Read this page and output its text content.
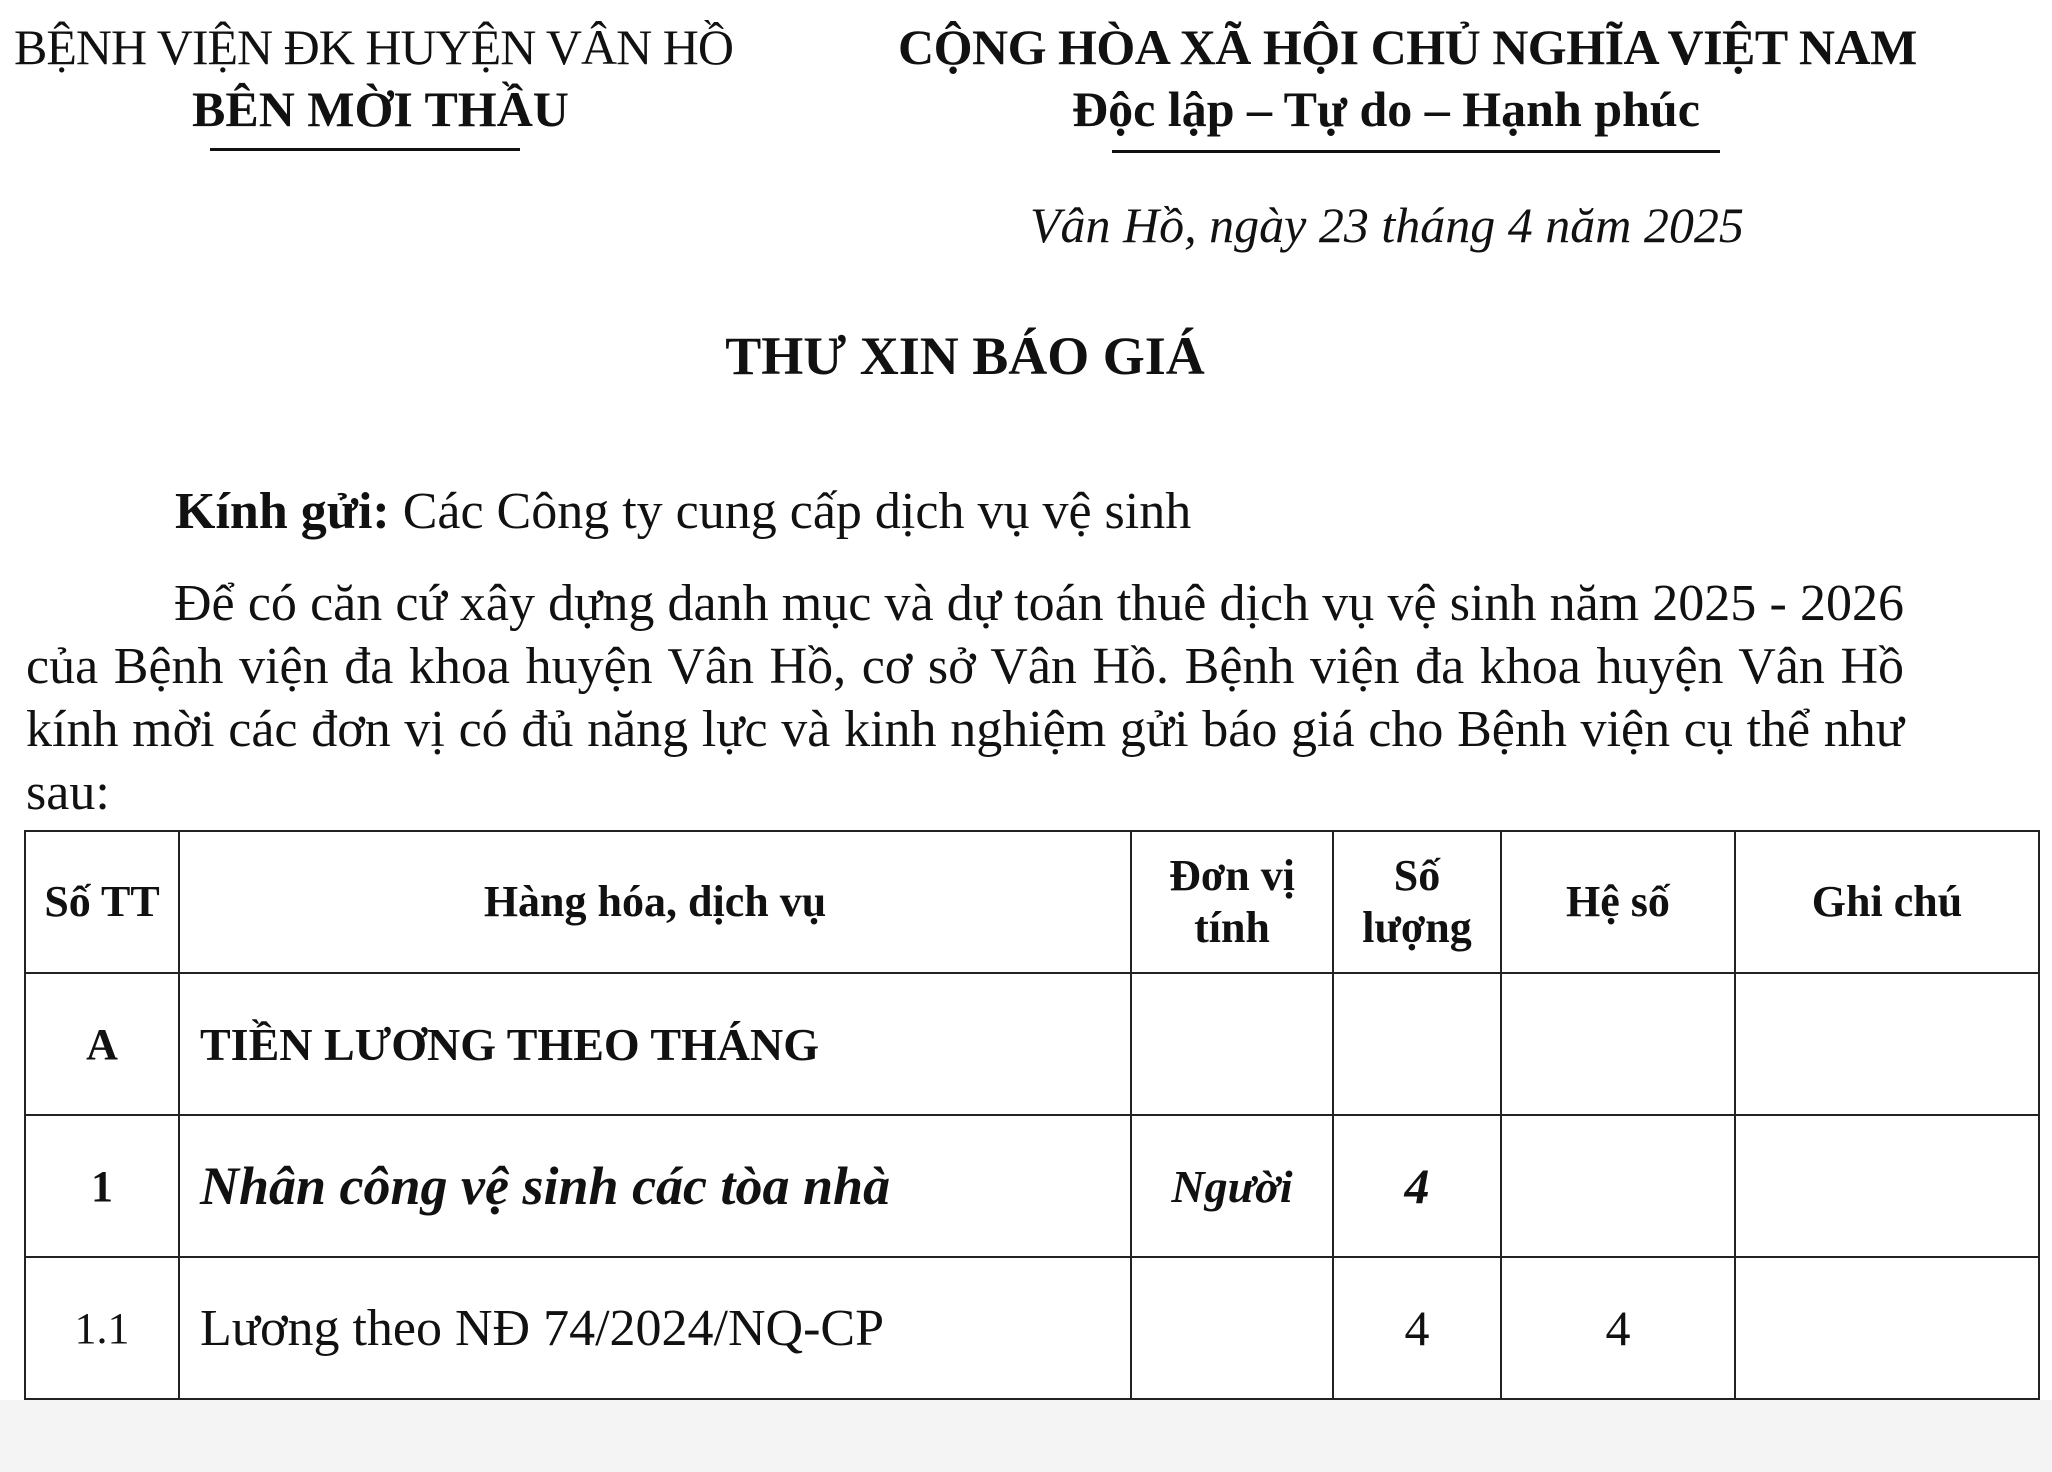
BỆNH VIỆN ĐK HUYỆN VÂN HỒ
BÊN MỜI THẦU
CỘNG HÒA XÃ HỘI CHỦ NGHĨA VIỆT NAM
Độc lập – Tự do – Hạnh phúc
Vân Hồ, ngày 23 tháng 4 năm 2025
THƯ XIN BÁO GIÁ
Kính gửi: Các Công ty cung cấp dịch vụ vệ sinh
Để có căn cứ xây dựng danh mục và dự toán thuê dịch vụ vệ sinh năm 2025 - 2026 của Bệnh viện đa khoa huyện Vân Hồ, cơ sở Vân Hồ. Bệnh viện đa khoa huyện Vân Hồ kính mời các đơn vị có đủ năng lực và kinh nghiệm gửi báo giá cho Bệnh viện cụ thể như sau:
Số TT	Hàng hóa, dịch vụ	Đơn vị tính	Số lượng	Hệ số	Ghi chú
A	TIỀN LƯƠNG THEO THÁNG				
1	Nhân công vệ sinh các tòa nhà	Người	4		
1.1	Lương theo NĐ 74/2024/NQ-CP		4	4	
